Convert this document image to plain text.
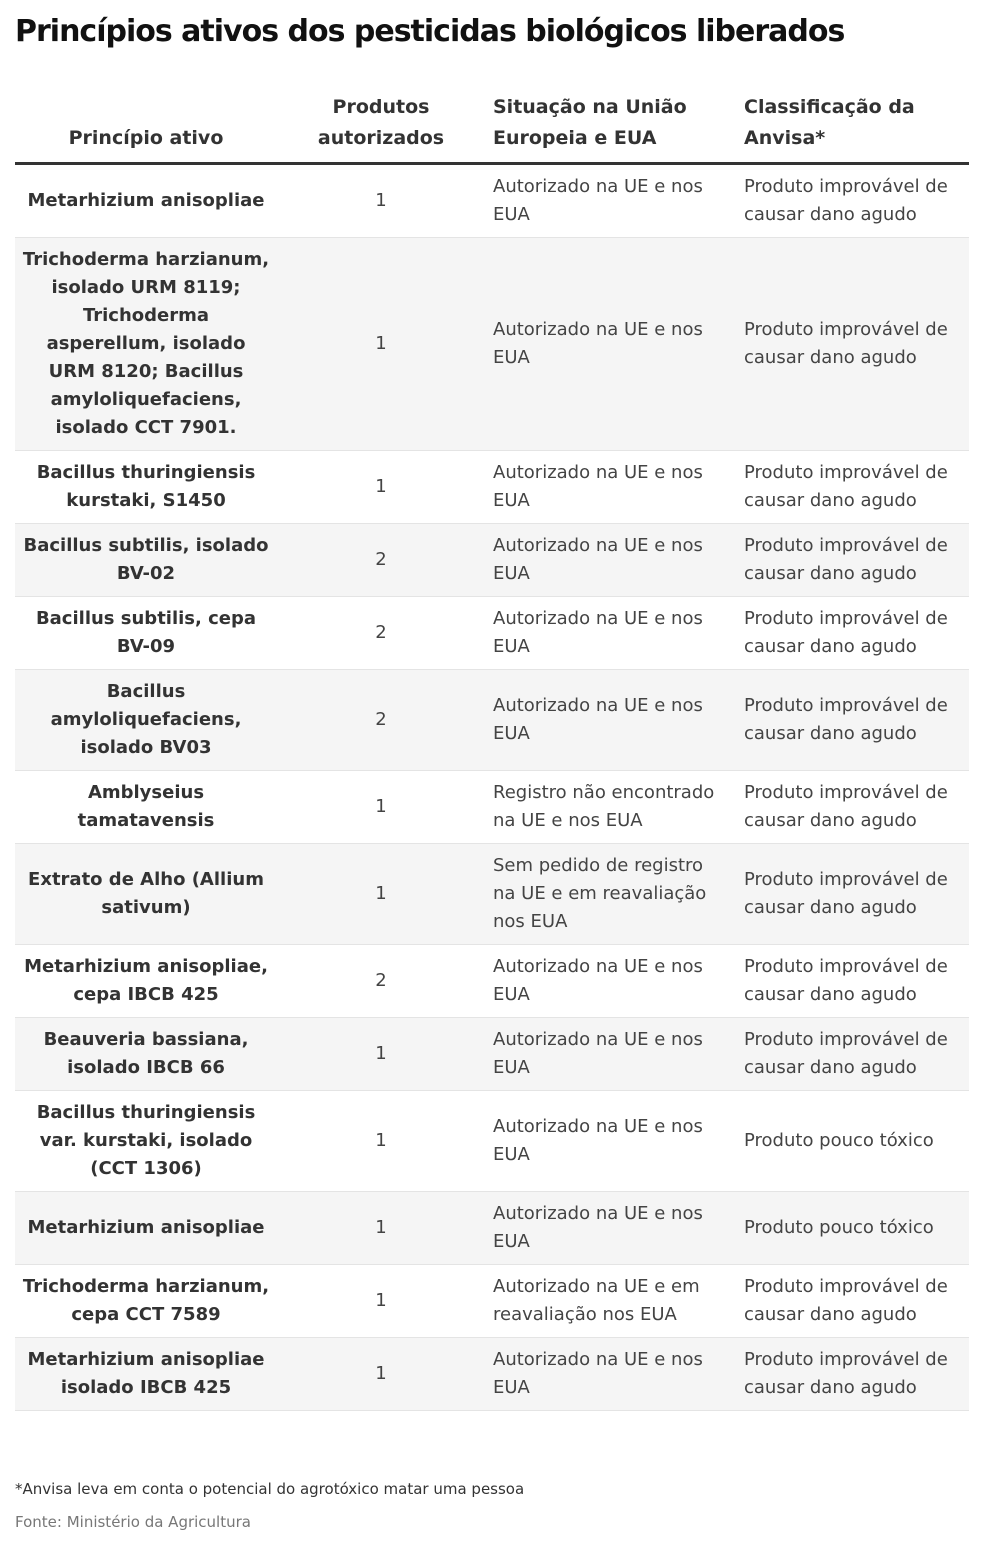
Princípios ativos dos pesticidas biológicos liberados
Princípio ativo	Produtos autorizados	Situação na União Europeia e EUA	Classificação da Anvisa*
Metarhizium anisopliae	1	Autorizado na UE e nos EUA	Produto improvável de causar dano agudo
Trichoderma harzianum, isolado URM 8119; Trichoderma asperellum, isolado URM 8120; Bacillus amyloliquefaciens, isolado CCT 7901.	1	Autorizado na UE e nos EUA	Produto improvável de causar dano agudo
Bacillus thuringiensis kurstaki, S1450	1	Autorizado na UE e nos EUA	Produto improvável de causar dano agudo
Bacillus subtilis, isolado BV-02	2	Autorizado na UE e nos EUA	Produto improvável de causar dano agudo
Bacillus subtilis, cepa BV-09	2	Autorizado na UE e nos EUA	Produto improvável de causar dano agudo
Bacillus amyloliquefaciens, isolado BV03	2	Autorizado na UE e nos EUA	Produto improvável de causar dano agudo
Amblyseius tamatavensis	1	Registro não encontrado na UE e nos EUA	Produto improvável de causar dano agudo
Extrato de Alho (Allium sativum)	1	Sem pedido de registro na UE e em reavaliação nos EUA	Produto improvável de causar dano agudo
Metarhizium anisopliae, cepa IBCB 425	2	Autorizado na UE e nos EUA	Produto improvável de causar dano agudo
Beauveria bassiana, isolado IBCB 66	1	Autorizado na UE e nos EUA	Produto improvável de causar dano agudo
Bacillus thuringiensis var. kurstaki, isolado (CCT 1306)	1	Autorizado na UE e nos EUA	Produto pouco tóxico
Metarhizium anisopliae	1	Autorizado na UE e nos EUA	Produto pouco tóxico
Trichoderma harzianum, cepa CCT 7589	1	Autorizado na UE e em reavaliação nos EUA	Produto improvável de causar dano agudo
Metarhizium anisopliae isolado IBCB 425	1	Autorizado na UE e nos EUA	Produto improvável de causar dano agudo

*Anvisa leva em conta o potencial do agrotóxico matar uma pessoa

Fonte: Ministério da Agricultura
